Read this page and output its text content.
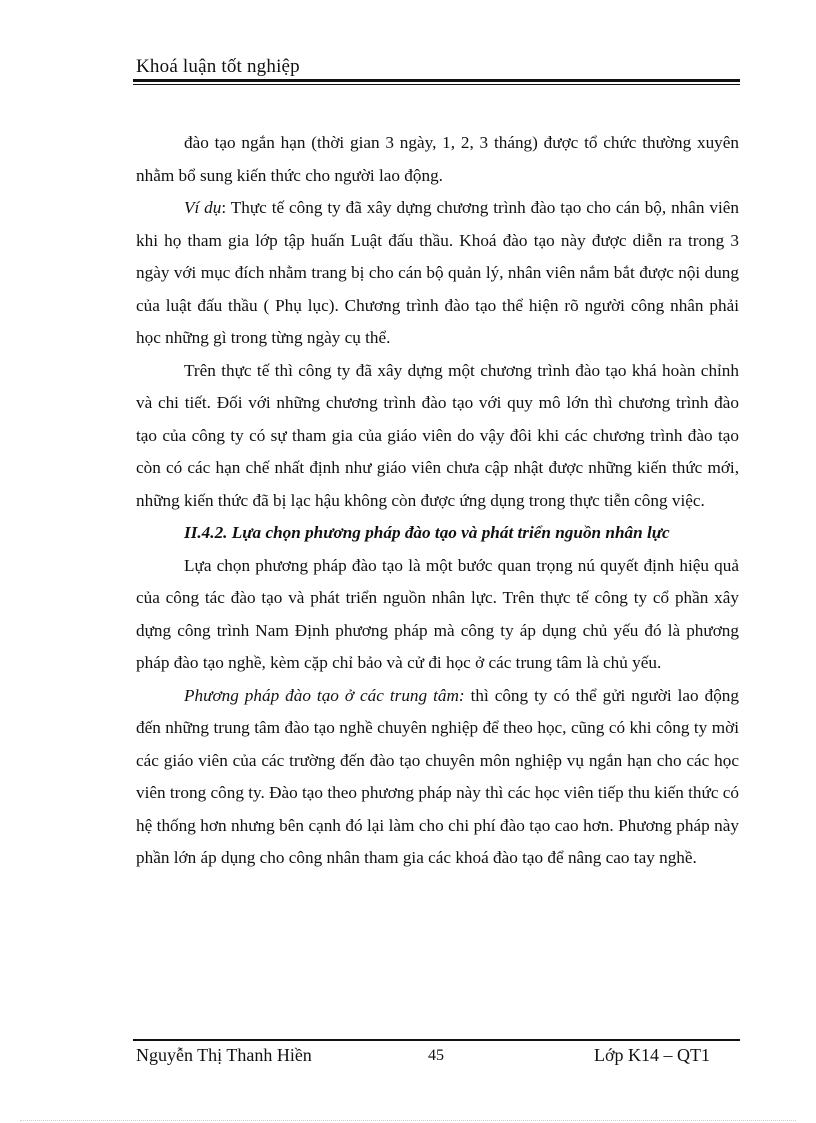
Khoá luận tốt nghiệp

đào tạo ngắn hạn (thời gian 3 ngày, 1, 2, 3 tháng) được tổ chức thường xuyên nhằm bổ sung kiến thức cho người lao động.

Ví dụ: Thực tế công ty đã xây dựng chương trình đào tạo cho cán bộ, nhân viên khi họ tham gia lớp tập huấn Luật đấu thầu. Khoá đào tạo này được diễn ra trong 3 ngày với mục đích nhằm trang bị cho cán bộ quản lý, nhân viên nắm bắt được nội dung của luật đấu thầu ( Phụ lục). Chương trình đào tạo thể hiện rõ người công nhân phải học những gì trong từng ngày cụ thể.

Trên thực tế thì công ty đã xây dựng một chương trình đào tạo khá hoàn chỉnh và chi tiết. Đối với những chương trình đào tạo với quy mô lớn thì chương trình đào tạo của công ty có sự tham gia của giáo viên do vậy đôi khi các chương trình đào tạo còn có các hạn chế nhất định như giáo viên chưa cập nhật được những kiến thức mới, những kiến thức đã bị lạc hậu không còn được ứng dụng trong thực tiễn công việc.

II.4.2. Lựa chọn phương pháp đào tạo và phát triển nguồn nhân lực

Lựa chọn phương pháp đào tạo là một bước quan trọng nú quyết định hiệu quả của công tác đào tạo và phát triển nguồn nhân lực. Trên thực tế công ty cổ phần xây dựng công trình Nam Định phương pháp mà công ty áp dụng chủ yếu đó là phương pháp đào tạo nghề, kèm cặp chỉ bảo và cử đi học ở các trung tâm là chủ yếu.

Phương pháp đào tạo ở các trung tâm: thì công ty có thể gửi người lao động đến những trung tâm đào tạo nghề chuyên nghiệp để theo học, cũng có khi công ty mời các giáo viên của các trường đến đào tạo chuyên môn nghiệp vụ ngắn hạn cho các học viên trong công ty. Đào tạo theo phương pháp này thì các học viên tiếp thu kiến thức có hệ thống hơn nhưng bên cạnh đó lại làm cho chi phí đào tạo cao hơn. Phương pháp này phần lớn áp dụng cho công nhân tham gia các khoá đào tạo để nâng cao tay nghề.

Nguyễn Thị Thanh Hiền	45	Lớp K14 – QT1
